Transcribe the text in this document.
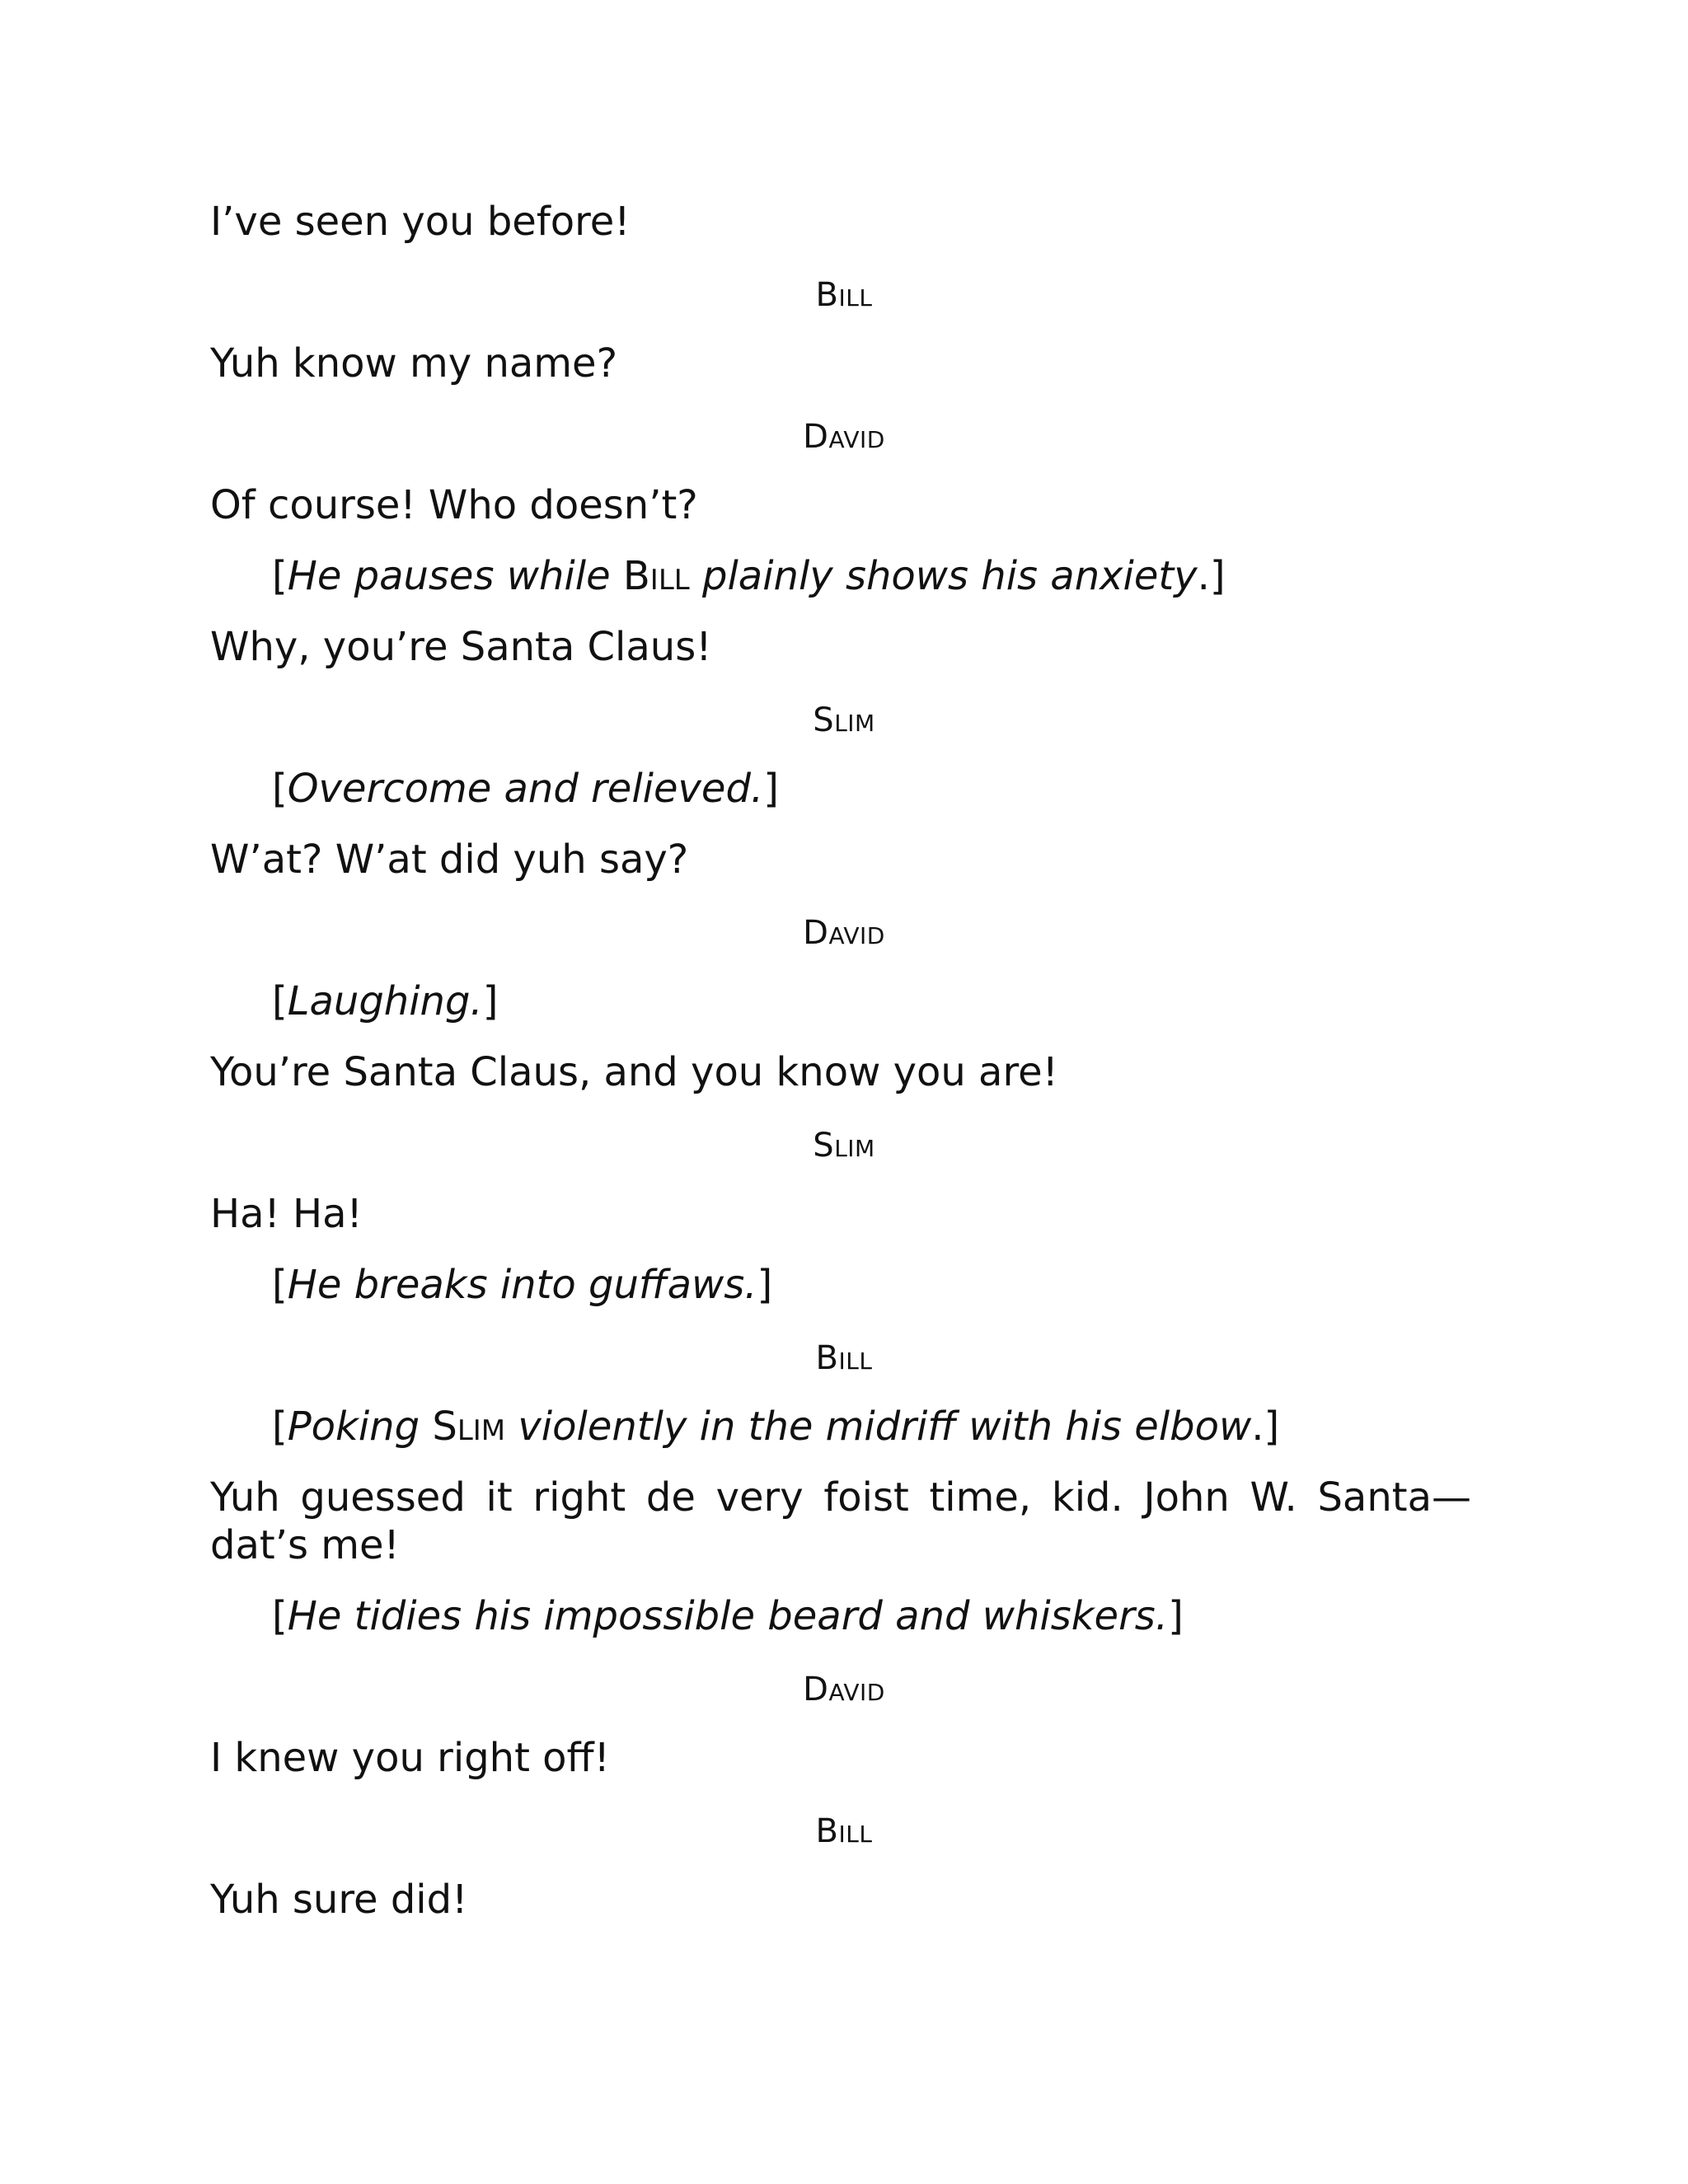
I’ve seen you before!
Bill
Yuh know my name?
David
Of course! Who doesn’t?
[He pauses while Bill plainly shows his anxiety.]
Why, you’re Santa Claus!
Slim
[Overcome and relieved.]
W’at? W’at did yuh say?
David
[Laughing.]
You’re Santa Claus, and you know you are!
Slim
Ha! Ha!
[He breaks into guffaws.]
Bill
[Poking Slim violently in the midriff with his elbow.]
Yuh guessed it right de very foist time, kid. John W. Santa—dat’s me!
[He tidies his impossible beard and whiskers.]
David
I knew you right off!
Bill
Yuh sure did!
